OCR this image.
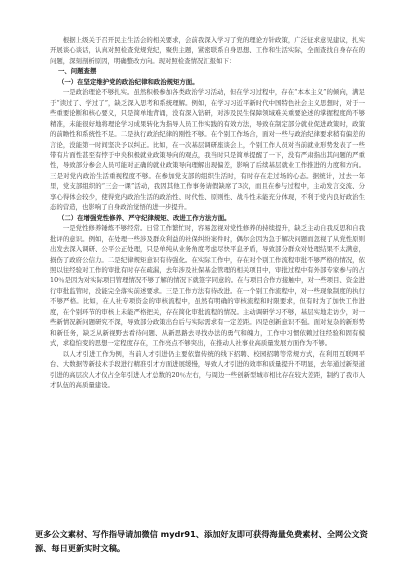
根据上级关于召开民主生活会的相关要求，会前我深入学习了党的理论方针政策，广泛征求意见建议，扎实开展谈心谈话，认真对照检查党规党纪，聚焦主题，紧密联系自身思想、工作和生活实际，全面查找自身存在的问题，深刻剖析原因，明确整改方向。现对照检查情况汇报如下：

一、问题查摆
（一）在坚定维护党的政治纪律和政治规矩方面。

一是政治理论不够扎实。虽然积极参加各类政治学习活动，但在学习过程中，存在“本本主义”的倾向，满足于“读过了、学过了”，缺乏深入思考和系统理解。例如，在学习习近平新时代中国特色社会主义思想时，对于一些重要论断和核心要义，只是简单地背诵，没有深入钻研，对涉及民生保障领域难关重要论述的掌握程度尚不够精准，未能很好地将理论学习成果转化为指导人员工作实践的有效方法，导致在制定部分就业促进政策时，政策的前瞻性和系统性不足。二是执行政治纪律的刚性不够。在个别工作场合，面对一些与政治纪律要求稍有偏差的言论，没能第一时间坚决予以纠正。比如，在一次基层调研座谈会上，个别工作人员对当前就业形势发表了一些带有片面性甚至有悖于中央积极就业政策导向的观点，我当时只是简单提醒了一下，没有严肃指出其问题的严重性，导致部分参会人员可能对正确的就业政策导向理解出现偏差，影响了后续基层就业工作推进的力度和方向。三是对党内政治生活重视程度不够。在参加党支部的组织生活时，有时存在走过场的心态。据统计，过去一年里，党支部组织的“三会一课”活动，我因其他工作事务请假缺席了3次，而且在参与过程中，主动发言交流、分享心得体会较少，使得党内政治生活的政治性、时代性、原则性、战斗性未能充分体现，不利于党内良好政治生态的营造，也影响了自身政治觉悟的进一步提升。

（二）在增强党性修养、严守纪律规矩、改进工作方法方面。

一是党性修养锤炼不够经常。日常工作繁忙时，容易忽视对党性修养的持续提升，缺乏主动自我反思和自我批评的意识。例如，在处理一些涉及群众利益的社保纠纷案件时，偶尔会因为急于解决问题而忽视了从党性原则出发去深入调研、公平公正处理，只是单纯从业务角度考虑尽快平息矛盾，导致部分群众对处理结果不太满意，损伤了政府公信力。二是纪律规矩意识有待强化。在实际工作中，存在对个别工作流程审批不够严格的情况，依照以往经验对工作的审批有时存在疏漏，去年涉及社保基金管理的相关项目中，审批过程中有外部专家参与的占10％是因为对实际项目管理情况不够了解的情况下就签字同意的。在与项目合作方接触中，对一些项目、资金进行审批监管时，没能完全落实前述要求。三是工作方法有待改进。在一个别工作流程中，对一些现象制度的执行不够严格。比如，在人社专项资金的审核流程中，虽然有明确的审核流程和时限要求，但有时为了加快工作进度，在个别环节的审核上未能严格把关，存在简化审批流程的情况。主动调研学习不够，基层实地走访少，对一些新情况新问题研究不深，导致部分政策出台后与实际需求有一定差距。四是创新意识不强。面对复杂的新形势和新任务，缺乏从新视野去看待问题、从新思路去寻找办法的勇气和魄力，工作中习惯依赖过往经验和固有模式，求稳怕变的思想一定程度存在，工作亮点不够突出，在推动人社事业高质量发展方面作为不够。

以人才引进工作为例，当前人才引进仍主要依靠传统的线下招聘、校园招聘等常规方式，在利用互联网平台、大数据等新技术手段进行精准引才方面进展缓慢，导致人才引进的效率和质量提升不明显，去年通过新渠道引进的高层次人才仅占全年引进人才总数的20％左右，与周边一些创新型城市相比存在较大差距，制约了我市人才队伍的高质量建设。

更多公文素材、写作指导请加微信 mydr91、添加好友即可获得海量免费素材、全网公文资源、每日更新实时文稿。
